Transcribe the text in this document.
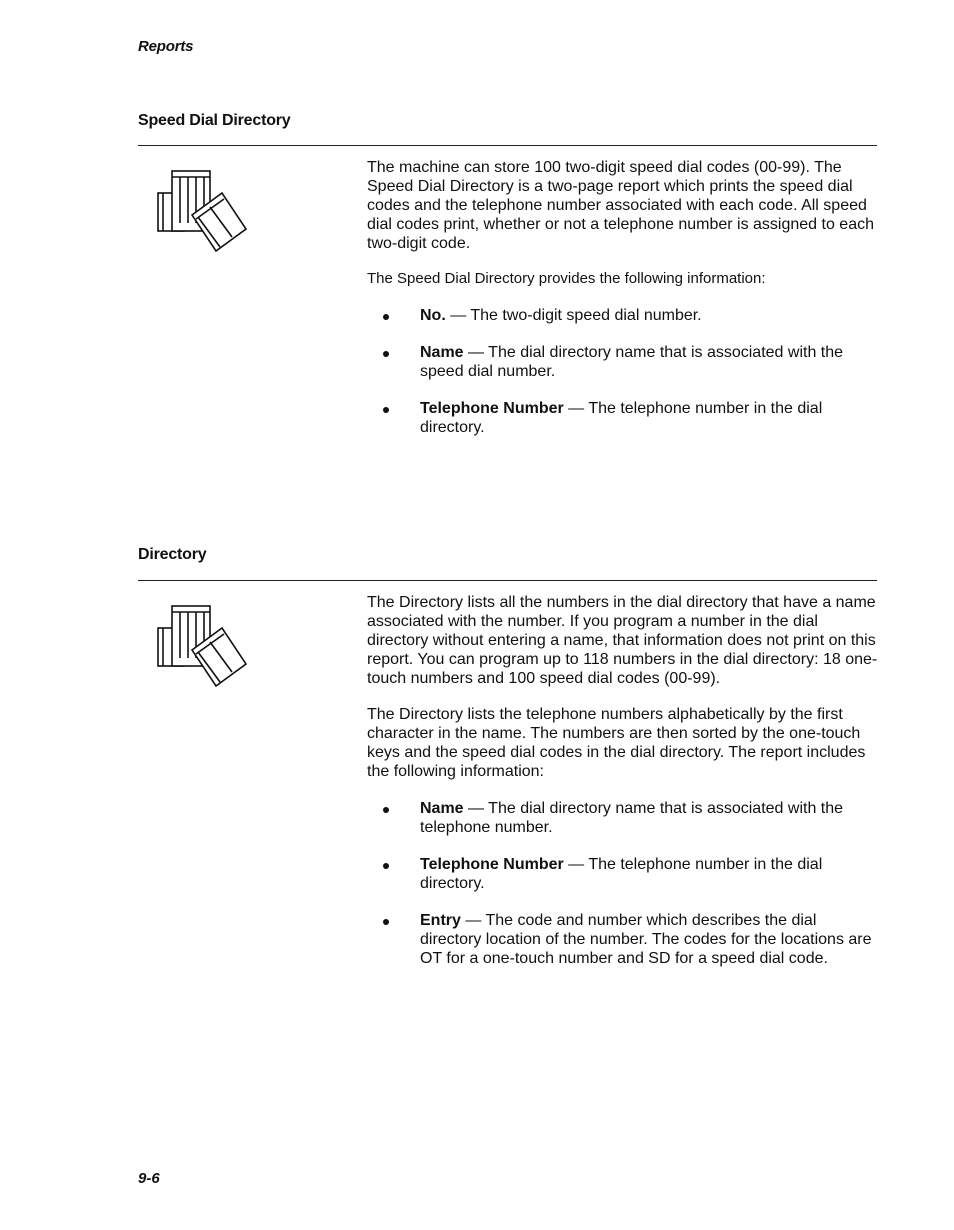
Reports
Speed Dial Directory

The machine can store 100 two-digit speed dial codes (00-99). The Speed Dial Directory is a two-page report which prints the speed dial codes and the telephone number associated with each code. All speed dial codes print, whether or not a telephone number is assigned to each two-digit code.

The Speed Dial Directory provides the following information:

No. — The two-digit speed dial number.
Name — The dial directory name that is associated with the speed dial number.
Telephone Number — The telephone number in the dial directory.
Directory

The Directory lists all the numbers in the dial directory that have a name associated with the number. If you program a number in the dial directory without entering a name, that information does not print on this report. You can program up to 118 numbers in the dial directory: 18 one-touch numbers and 100 speed dial codes (00-99).

The Directory lists the telephone numbers alphabetically by the first character in the name. The numbers are then sorted by the one-touch keys and the speed dial codes in the dial directory. The report includes the following information:

Name — The dial directory name that is associated with the telephone number.
Telephone Number — The telephone number in the dial directory.
Entry — The code and number which describes the dial directory location of the number. The codes for the locations are OT for a one-touch number and SD for a speed dial code.
9-6
